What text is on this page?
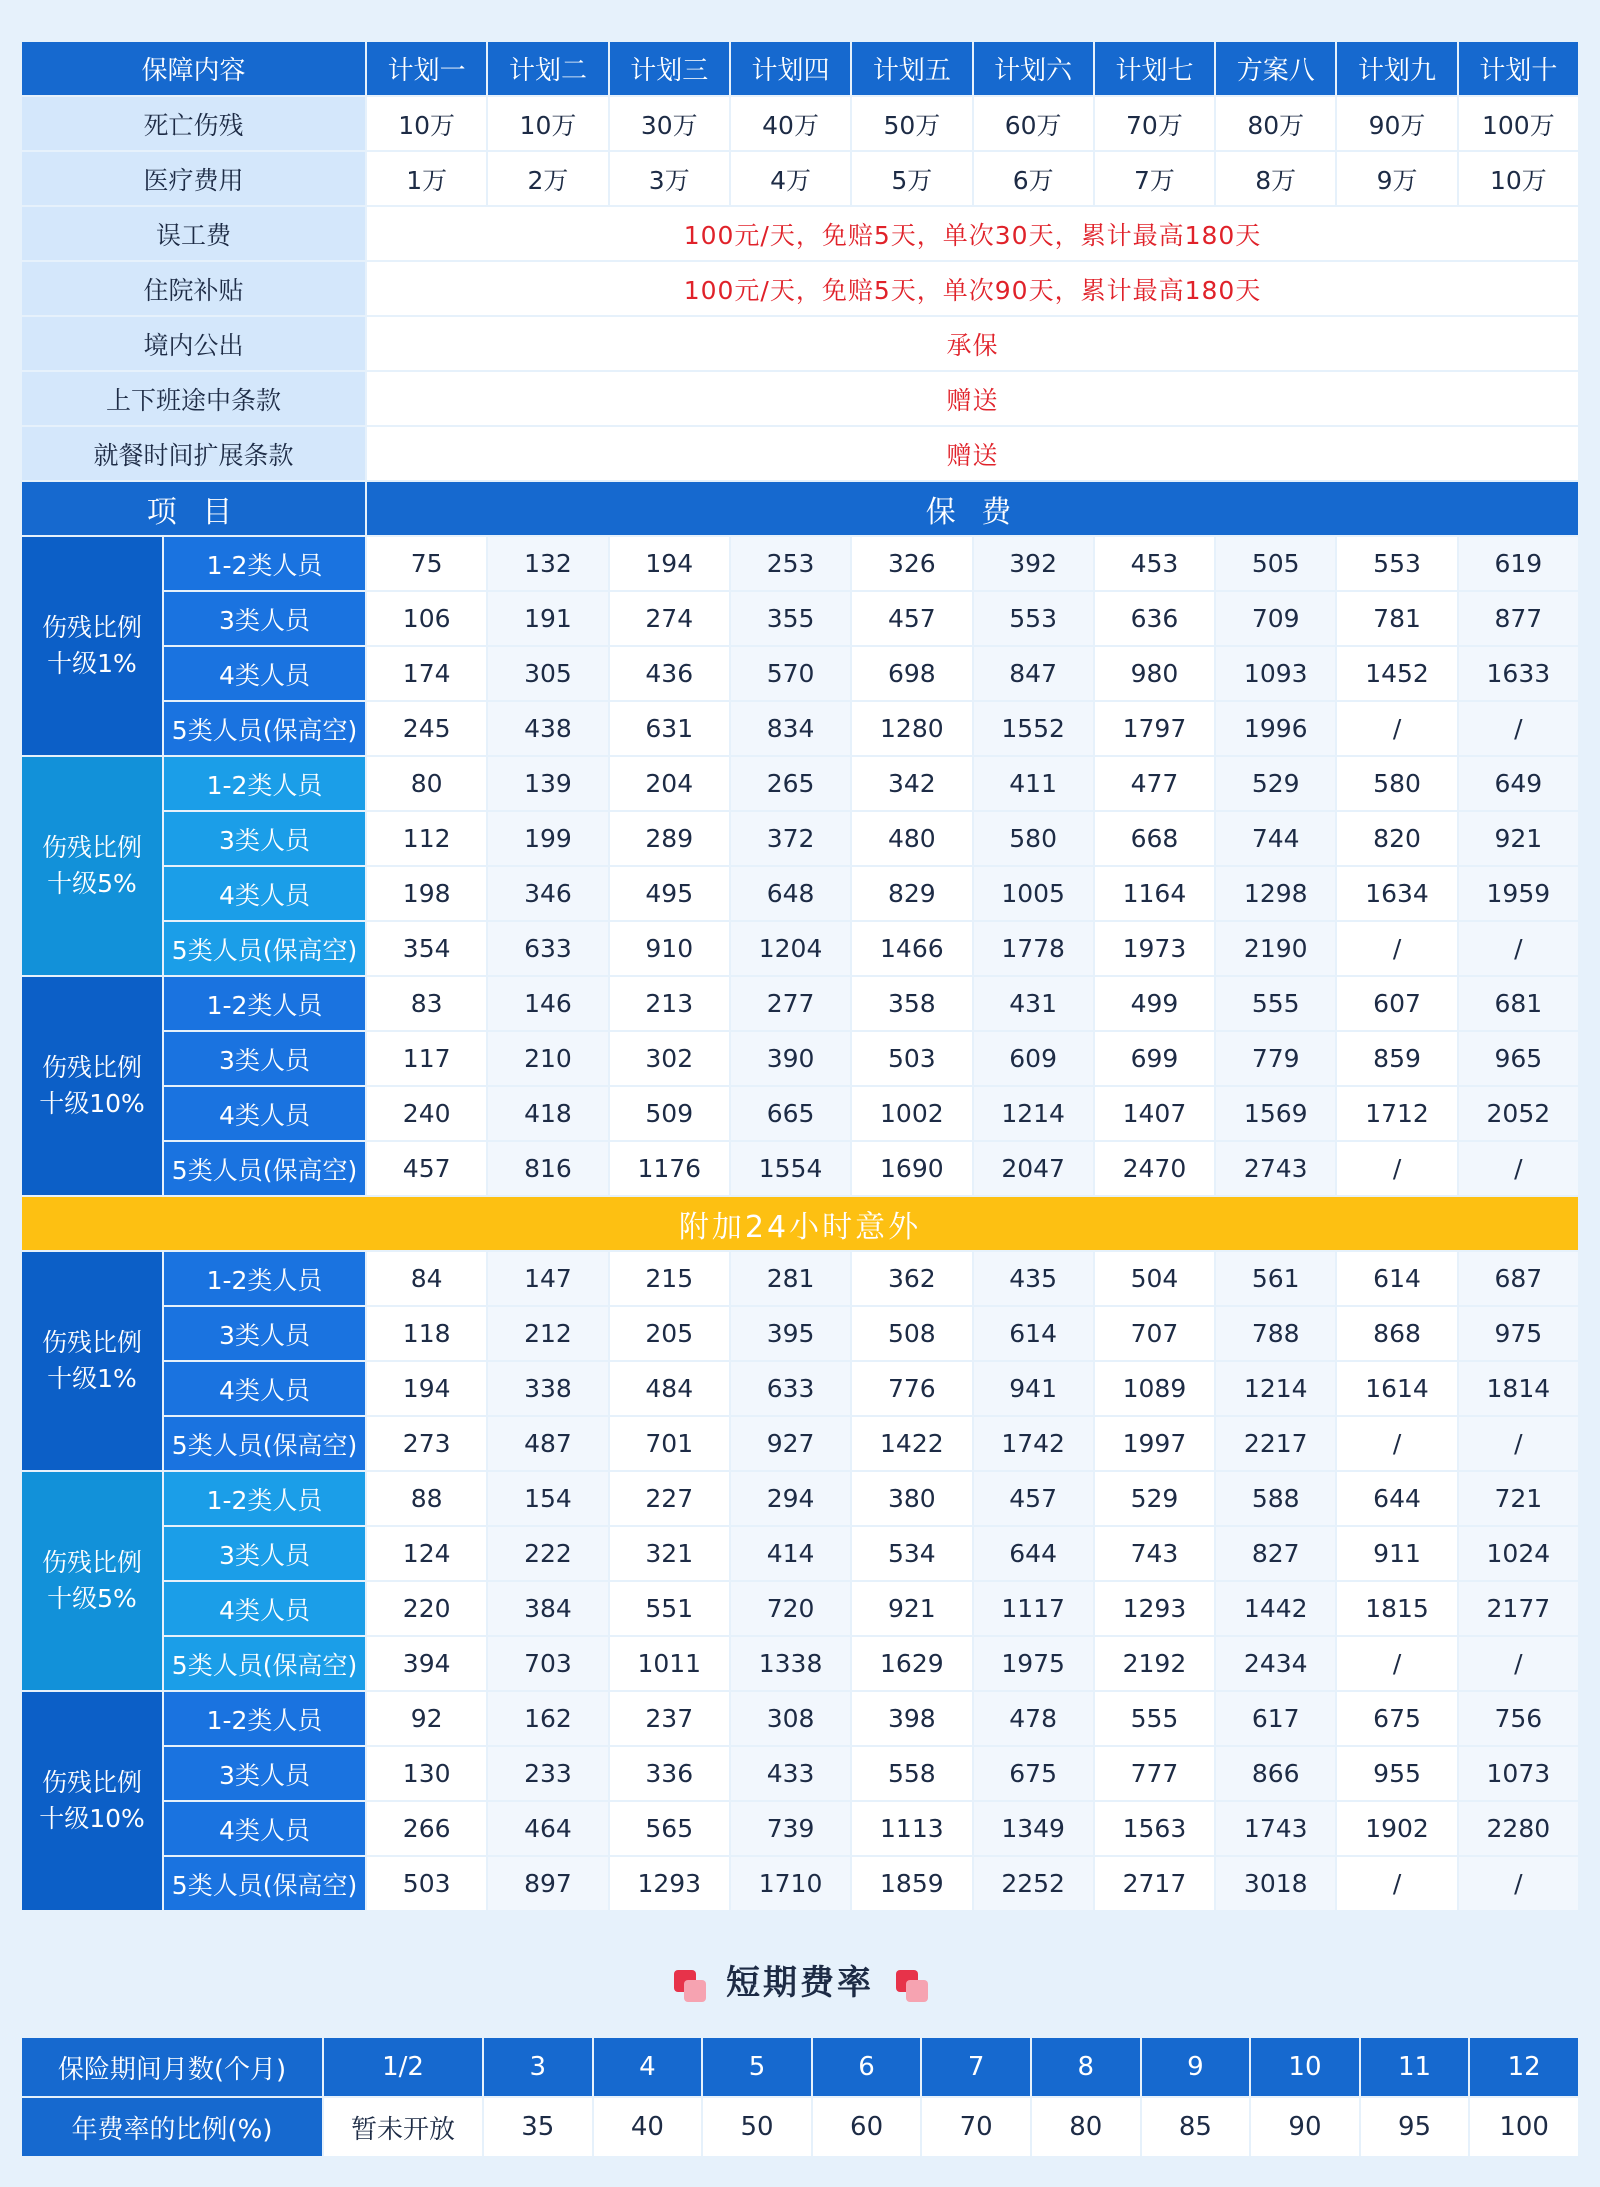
保障内容		计划一	计划二	计划三	计划四	计划五	计划六	计划七	方案八	计划九	计划十
死亡伤残		10万	10万	30万	40万	50万	60万	70万	80万	90万	100万
医疗费用		1万	2万	3万	4万	5万	6万	7万	8万	9万	10万
误工费		100元/天，免赔5天，单次30天，累计最高180天									
住院补贴		100元/天，免赔5天，单次90天，累计最高180天									
境内公出		承保									
上下班途中条款		赠送									
就餐时间扩展条款		赠送									
项 目		保 费									
伤残比例
十级1%	1-2类人员	75	132	194	253	326	392	453	505	553	619
	3类人员	106	191	274	355	457	553	636	709	781	877
	4类人员	174	305	436	570	698	847	980	1093	1452	1633
	5类人员(保高空)	245	438	631	834	1280	1552	1797	1996	/	/
伤残比例
十级5%	1-2类人员	80	139	204	265	342	411	477	529	580	649
	3类人员	112	199	289	372	480	580	668	744	820	921
	4类人员	198	346	495	648	829	1005	1164	1298	1634	1959
	5类人员(保高空)	354	633	910	1204	1466	1778	1973	2190	/	/
伤残比例
十级10%	1-2类人员	83	146	213	277	358	431	499	555	607	681
	3类人员	117	210	302	390	503	609	699	779	859	965
	4类人员	240	418	509	665	1002	1214	1407	1569	1712	2052
	5类人员(保高空)	457	816	1176	1554	1690	2047	2470	2743	/	/
附加24小时意外											
伤残比例
十级1%	1-2类人员	84	147	215	281	362	435	504	561	614	687
	3类人员	118	212	205	395	508	614	707	788	868	975
	4类人员	194	338	484	633	776	941	1089	1214	1614	1814
	5类人员(保高空)	273	487	701	927	1422	1742	1997	2217	/	/
伤残比例
十级5%	1-2类人员	88	154	227	294	380	457	529	588	644	721
	3类人员	124	222	321	414	534	644	743	827	911	1024
	4类人员	220	384	551	720	921	1117	1293	1442	1815	2177
	5类人员(保高空)	394	703	1011	1338	1629	1975	2192	2434	/	/
伤残比例
十级10%	1-2类人员	92	162	237	308	398	478	555	617	675	756
	3类人员	130	233	336	433	558	675	777	866	955	1073
	4类人员	266	464	565	739	1113	1349	1563	1743	1902	2280
	5类人员(保高空)	503	897	1293	1710	1859	2252	2717	3018	/	/
短期费率
保险期间月数(个月)	1/2	3	4	5	6	7	8	9	10	11	12
年费率的比例(%)	暂未开放	35	40	50	60	70	80	85	90	95	100
